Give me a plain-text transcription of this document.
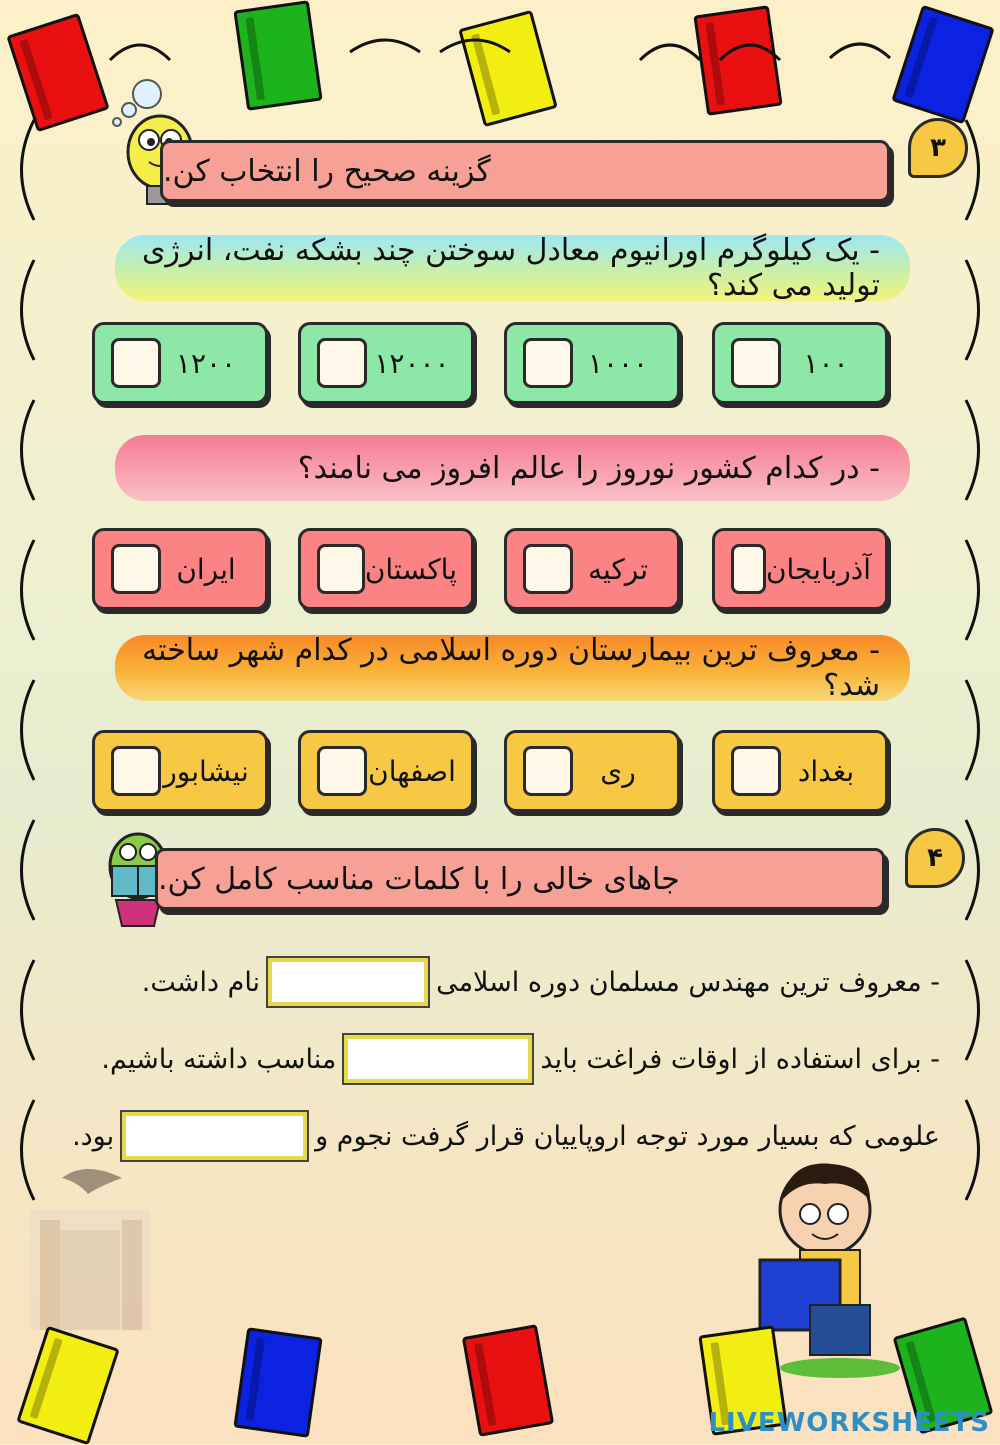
گزینه صحیح را انتخاب کن.
۳
- یک کیلوگرم اورانیوم معادل سوختن چند بشکه نفت، انرژی تولید می کند؟
۱۰۰
۱۰۰۰
۱۲۰۰۰
۱۲۰۰
- در کدام کشور نوروز را عالم افروز می نامند؟
آذربایجان
ترکیه
پاکستان
ایران
- معروف ترین بیمارستان دوره اسلامی در کدام شهر ساخته شد؟
بغداد
ری
اصفهان
نیشابور
جاهای خالی را با کلمات مناسب کامل کن.
۴
- معروف ترین مهندس مسلمان دوره اسلامی
نام داشت.
- برای استفاده از اوقات فراغت باید
مناسب داشته باشیم.
علومی که بسیار مورد توجه اروپاییان قرار گرفت نجوم و
بود.
LIVEWORKSHEETS
